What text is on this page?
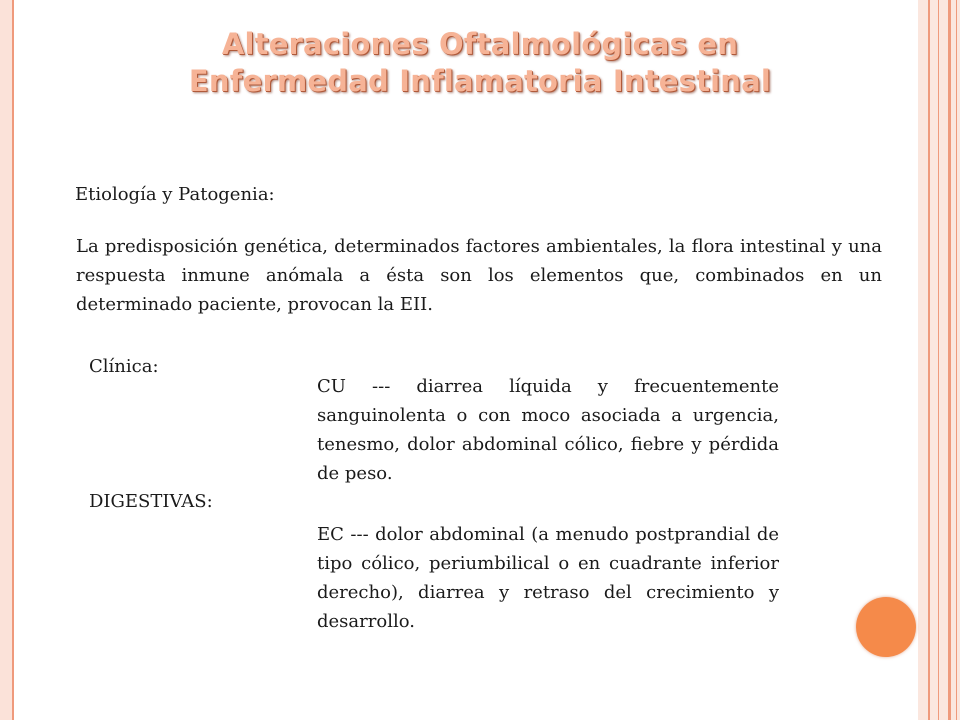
Alteraciones Oftalmológicas en
Enfermedad Inflamatoria Intestinal

Etiología y Patogenia:

La predisposición genética, determinados factores ambientales, la flora intestinal y una respuesta inmune anómala a ésta son los elementos que, combinados en un determinado paciente, provocan la EII.

Clínica:

CU --- diarrea líquida y frecuentemente sanguinolenta o con moco asociada a urgencia, tenesmo, dolor abdominal cólico, fiebre y pérdida de peso.

DIGESTIVAS:

EC --- dolor abdominal (a menudo postprandial de tipo cólico, periumbilical o en cuadrante inferior derecho), diarrea y retraso del crecimiento y desarrollo.
